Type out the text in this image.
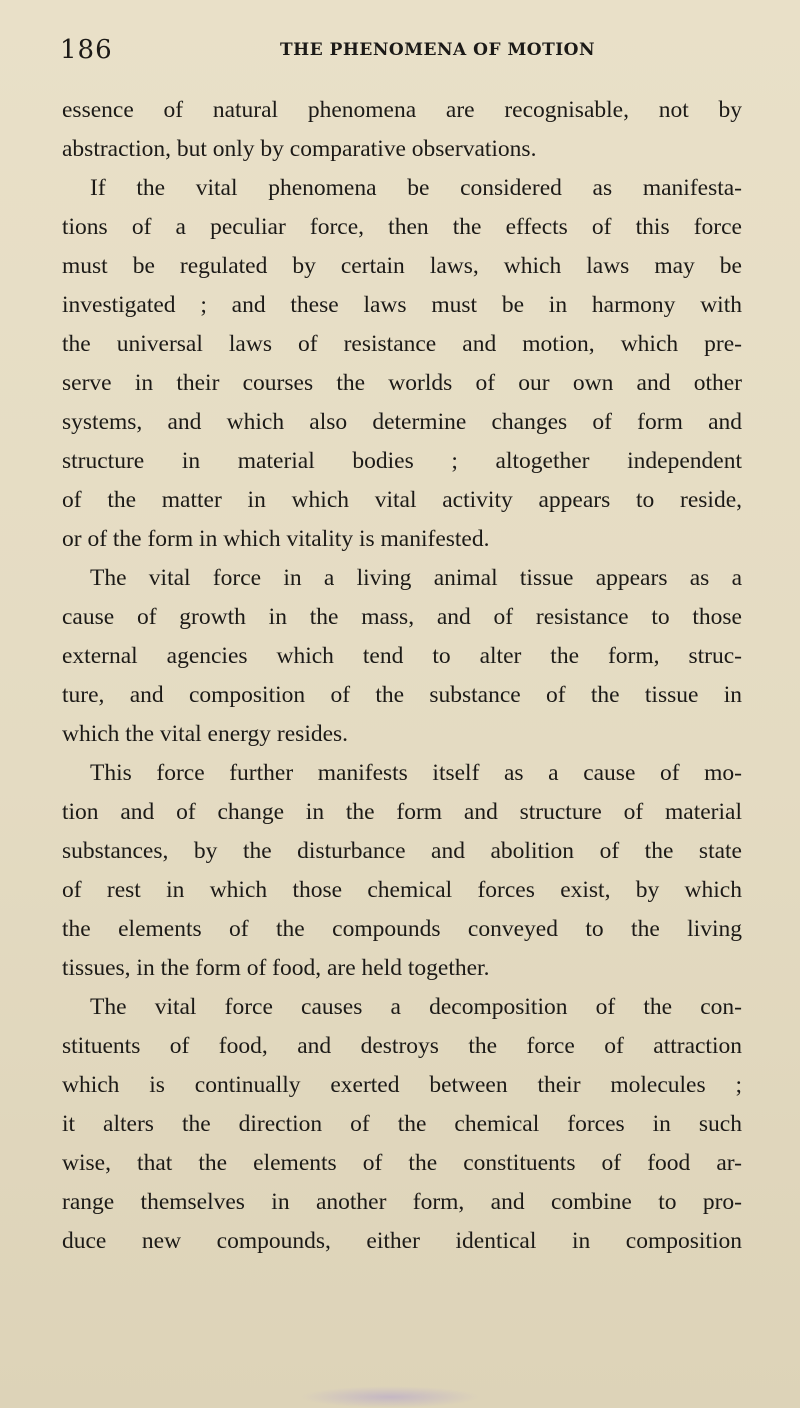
186	THE PHENOMENA OF MOTION
essence of natural phenomena are recognisable, not by
abstraction, but only by comparative observations.
If the vital phenomena be considered as manifesta-
tions of a peculiar force, then the effects of this force
must be regulated by certain laws, which laws may be
investigated ; and these laws must be in harmony with
the universal laws of resistance and motion, which pre-
serve in their courses the worlds of our own and other
systems, and which also determine changes of form and
structure in material bodies ; altogether independent
of the matter in which vital activity appears to reside,
or of the form in which vitality is manifested.
The vital force in a living animal tissue appears as a
cause of growth in the mass, and of resistance to those
external agencies which tend to alter the form, struc-
ture, and composition of the substance of the tissue in
which the vital energy resides.
This force further manifests itself as a cause of mo-
tion and of change in the form and structure of material
substances, by the disturbance and abolition of the state
of rest in which those chemical forces exist, by which
the elements of the compounds conveyed to the living
tissues, in the form of food, are held together.
The vital force causes a decomposition of the con-
stituents of food, and destroys the force of attraction
which is continually exerted between their molecules ;
it alters the direction of the chemical forces in such
wise, that the elements of the constituents of food ar-
range themselves in another form, and combine to pro-
duce new compounds, either identical in composition
